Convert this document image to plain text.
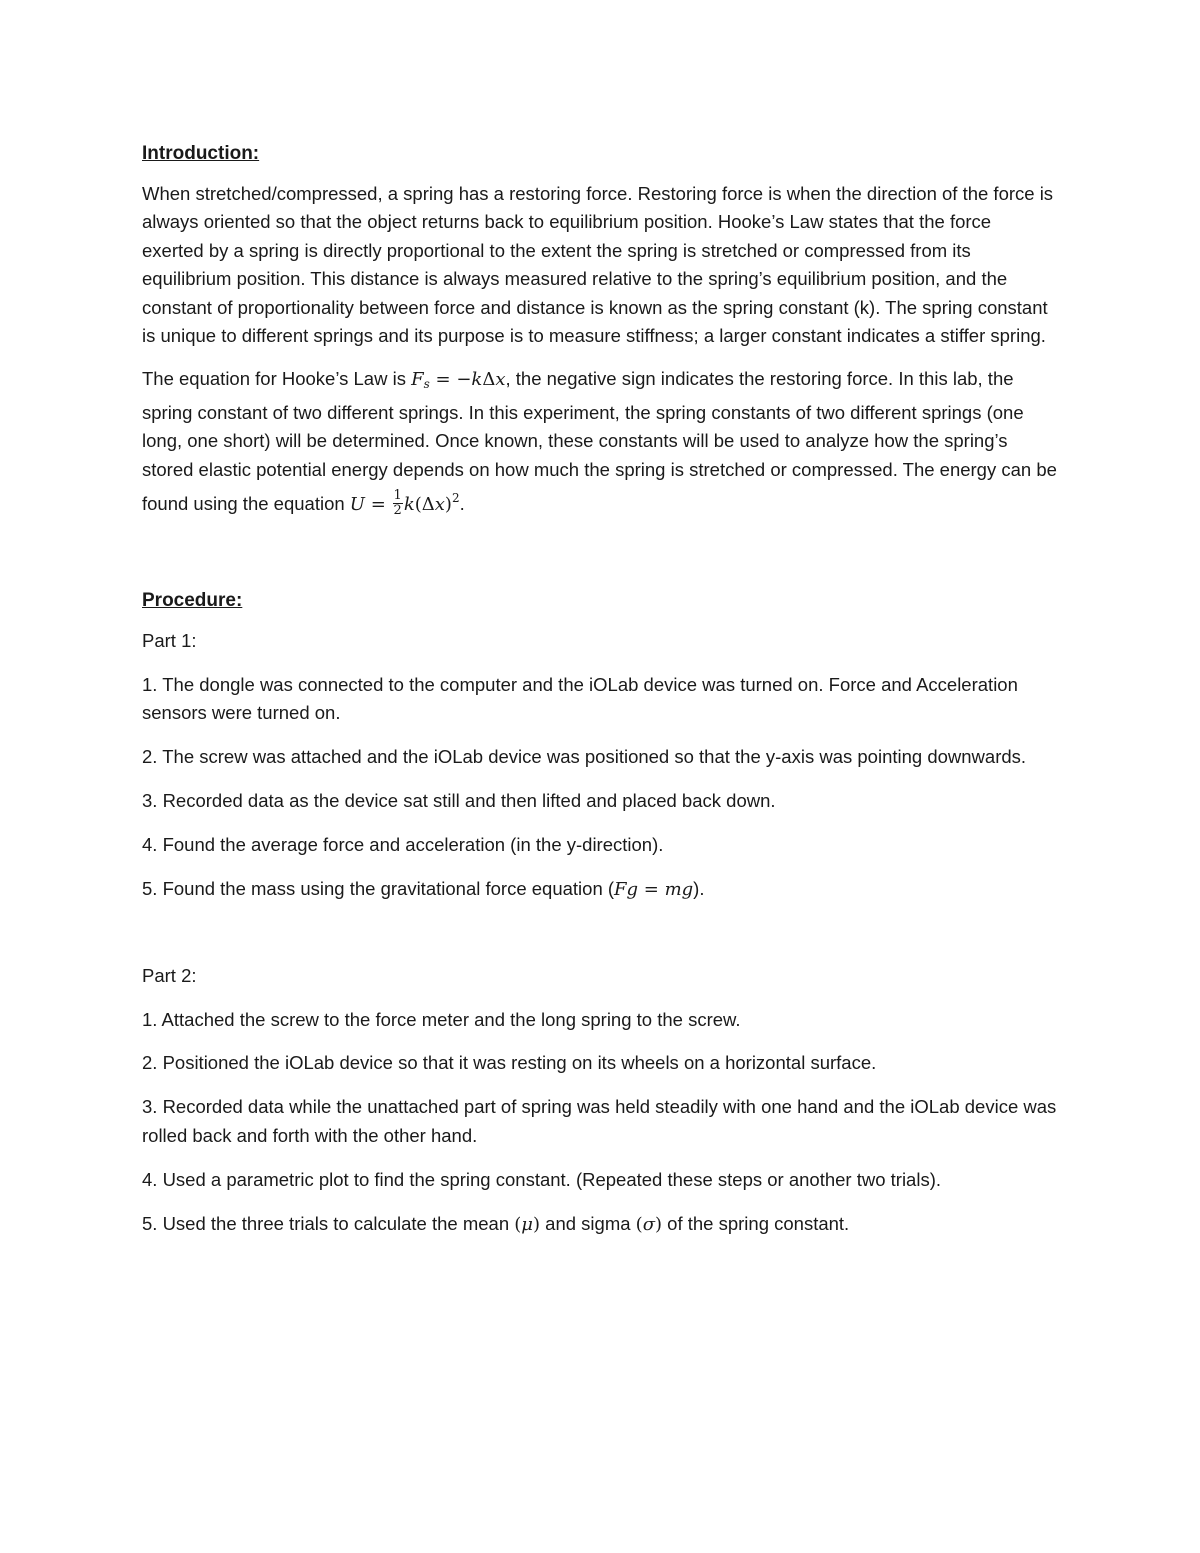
Introduction:

When stretched/compressed, a spring has a restoring force. Restoring force is when the direction of the force is always oriented so that the object returns back to equilibrium position. Hooke’s Law states that the force exerted by a spring is directly proportional to the extent the spring is stretched or compressed from its equilibrium position. This distance is always measured relative to the spring’s equilibrium position, and the constant of proportionality between force and distance is known as the spring constant (k). The spring constant is unique to different springs and its purpose is to measure stiffness; a larger constant indicates a stiffer spring.

The equation for Hooke’s Law is $F_s = -k\Delta x$, the negative sign indicates the restoring force. In this lab, the spring constant of two different springs. In this experiment, the spring constants of two different springs (one long, one short) will be determined. Once known, these constants will be used to analyze how the spring’s stored elastic potential energy depends on how much the spring is stretched or compressed. The energy can be found using the equation $U = \frac{1}{2} k(\Delta x)^2$.

Procedure:
Part 1:

1. The dongle was connected to the computer and the iOLab device was turned on. Force and Acceleration sensors were turned on.

2. The screw was attached and the iOLab device was positioned so that the y-axis was pointing downwards.

3. Recorded data as the device sat still and then lifted and placed back down.

4. Found the average force and acceleration (in the y-direction).

5. Found the mass using the gravitational force equation (Fg = mg).

Part 2:

1. Attached the screw to the force meter and the long spring to the screw.

2. Positioned the iOLab device so that it was resting on its wheels on a horizontal surface.

3. Recorded data while the unattached part of spring was held steadily with one hand and the iOLab device was rolled back and forth with the other hand.

4. Used a parametric plot to find the spring constant. (Repeated these steps or another two trials).

5. Used the three trials to calculate the mean (μ) and sigma (σ) of the spring constant.
